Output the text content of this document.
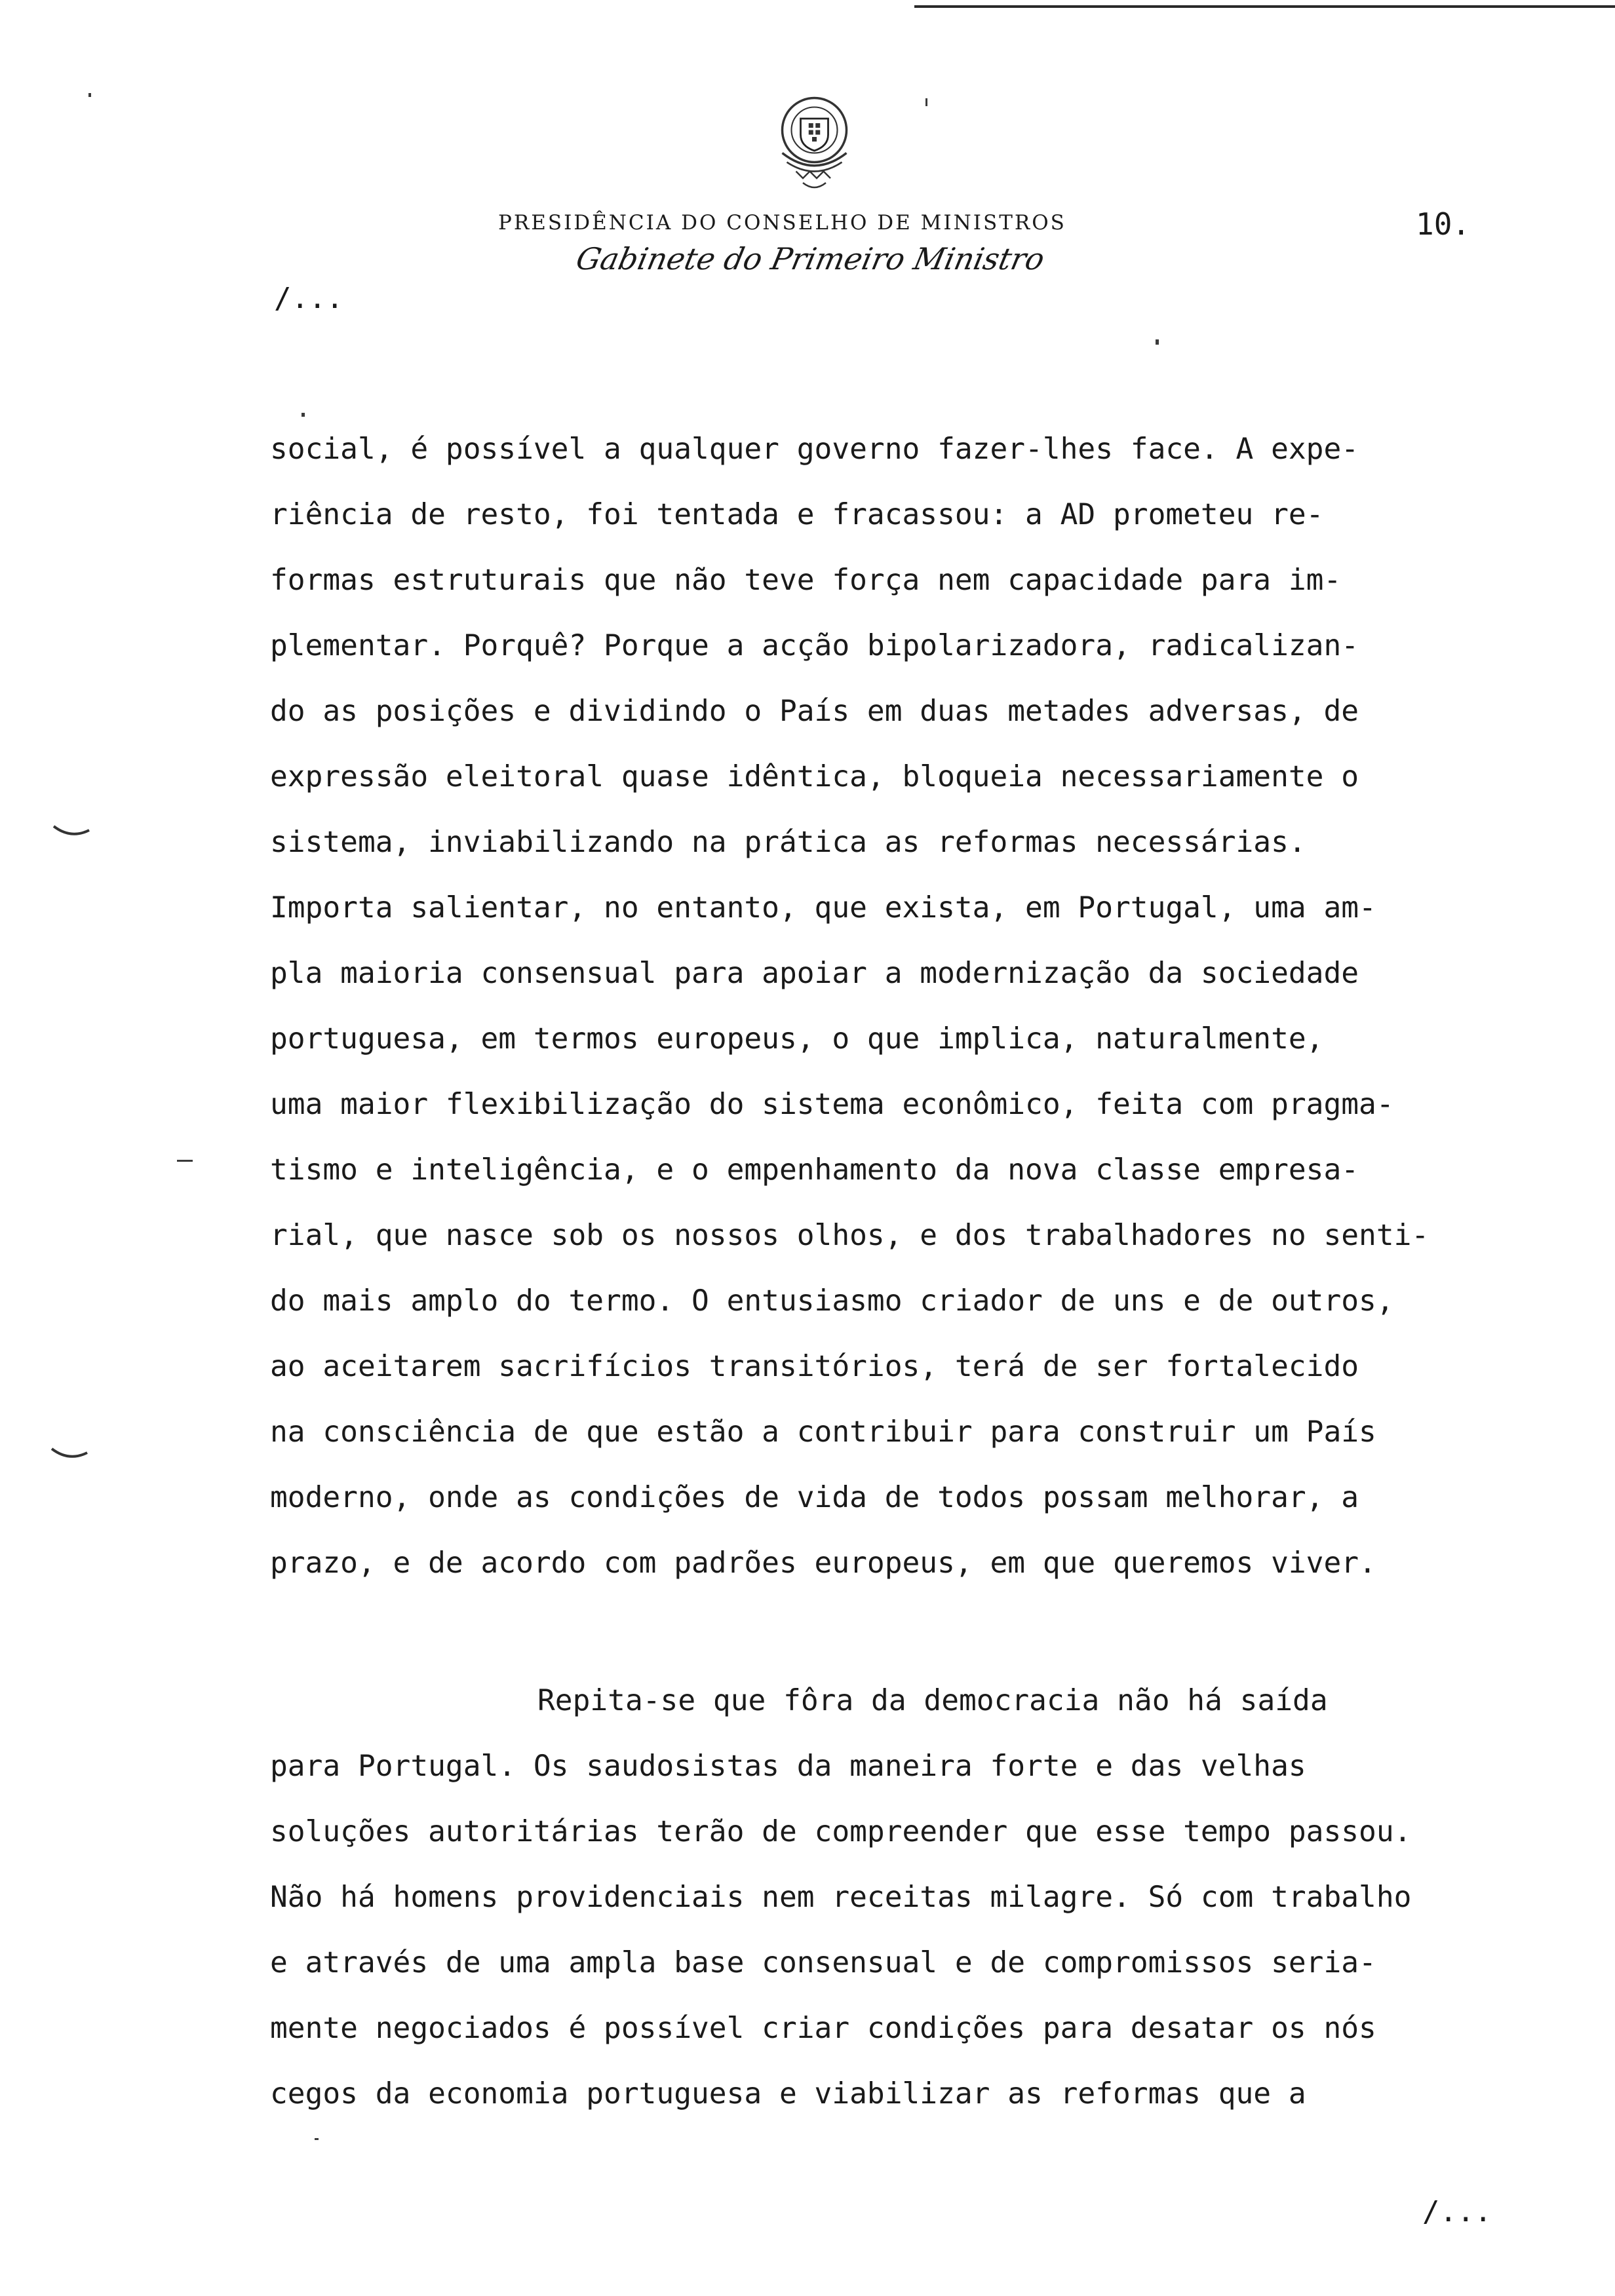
PRESIDÊNCIA DO CONSELHO DE MINISTROS
Gabinete do Primeiro Ministro
10.
/...
social, é possível a qualquer governo fazer-lhes face. A expe-
riência de resto, foi tentada e fracassou: a AD prometeu re-
formas estruturais que não teve força nem capacidade para im-
plementar. Porquê? Porque a acção bipolarizadora, radicalizan-
do as posições e dividindo o País em duas metades adversas, de
expressão eleitoral quase idêntica, bloqueia necessariamente o
sistema, inviabilizando na prática as reformas necessárias.
Importa salientar, no entanto, que exista, em Portugal, uma am-
pla maioria consensual para apoiar a modernização da sociedade
portuguesa, em termos europeus, o que implica, naturalmente,
uma maior flexibilização do sistema econômico, feita com pragma-
tismo e inteligência, e o empenhamento da nova classe empresa-
rial, que nasce sob os nossos olhos, e dos trabalhadores no senti-
do mais amplo do termo. O entusiasmo criador de uns e de outros,
ao aceitarem sacrifícios transitórios, terá de ser fortalecido
na consciência de que estão a contribuir para construir um País
moderno, onde as condições de vida de todos possam melhorar, a
prazo, e de acordo com padrões europeus, em que queremos viver.
Repita-se que fôra da democracia não há saída
para Portugal. Os saudosistas da maneira forte e das velhas
soluções autoritárias terão de compreender que esse tempo passou.
Não há homens providenciais nem receitas milagre. Só com trabalho
e através de uma ampla base consensual e de compromissos seria-
mente negociados é possível criar condições para desatar os nós
cegos da economia portuguesa e viabilizar as reformas que a
/...
